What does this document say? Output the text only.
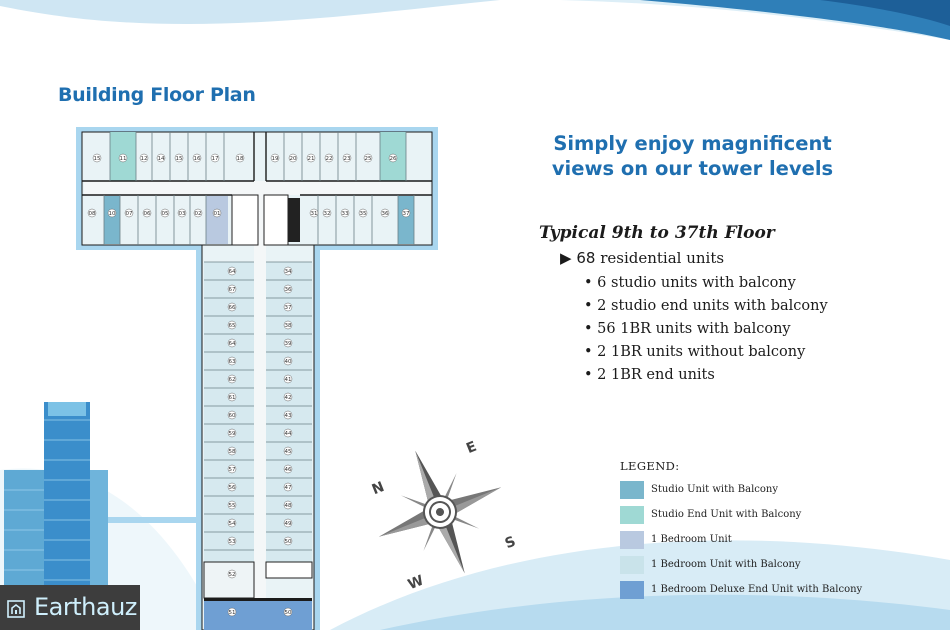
Building Floor Plan
Simply enjoy magnificent
views on our tower levels
Typical 9th to 37th Floor
▶ 68 residential units
• 6 studio units with balcony
• 2 studio end units with balcony
• 56 1BR units with balcony
• 2 1BR units without balcony
• 2 1BR end units
LEGEND:
Studio Unit with Balcony
Studio End Unit with Balcony
1 Bedroom Unit
1 Bedroom Unit with Balcony
1 Bedroom Deluxe End Unit with Balcony
15	11	12 14 15 16 17	18	19 20 21 22 23	25	26
08 10 07 06 05 03 02 01	31 32 33 35	36	37
64
67
66
65
64
63
62
61
60
59
58
57
56
55
54
53
34
36
37
38
39
40
41
42
43
44
45
46
47
48
49
50
52
51	50
N
E
S
W
Earthauz
